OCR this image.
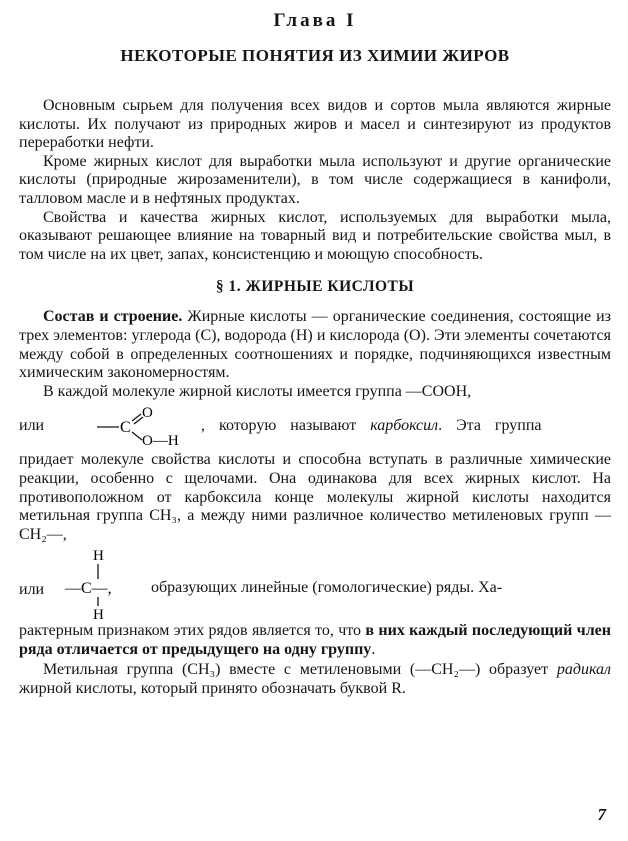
Глава I
НЕКОТОРЫЕ ПОНЯТИЯ ИЗ ХИМИИ ЖИРОВ

Основным сырьем для получения всех видов и сортов мыла являются жирные кислоты. Их получают из природных жиров и масел и синтезируют из продуктов переработки нефти.

Кроме жирных кислот для выработки мыла используют и другие органические кислоты (природные жирозаменители), в том числе содержащиеся в канифоли, талловом масле и в нефтяных продуктах.

Свойства и качества жирных кислот, используемых для выработки мыла, оказывают решающее влияние на товарный вид и потребительские свойства мыл, в том числе на их цвет, запах, консистенцию и моющую способность.

§ 1. ЖИРНЫЕ КИСЛОТЫ

Состав и строение. Жирные кислоты — органические соединения, состоящие из трех элементов: углерода (С), водорода (Н) и кислорода (О). Эти элементы сочетаются между собой в определенных соотношениях и порядке, подчиняющихся известным химическим закономерностям.

В каждой молекуле жирной кислоты имеется группа —СООН,

или	C
O
O—H
, которую называют карбоксил. Эта группа

придает молекуле свойства кислоты и способна вступать в различные химические реакции, особенно с щелочами. Она одинакова для всех жирных кислот. На противоположном от карбоксила конце молекулы жирной кислоты находится метильная группа СН₃, а между ними различное количество метиленовых групп —СН₂—,

или
H
—C—,
H
образующих линейные (гомологические) ряды. Ха-

рактерным признаком этих рядов является то, что в них каждый последующий член ряда отличается от предыдущего на одну группу.

Метильная группа (СН₃) вместе с метиленовыми (—СН₂—) образует радикал жирной кислоты, который принято обозначать буквой R.

7
